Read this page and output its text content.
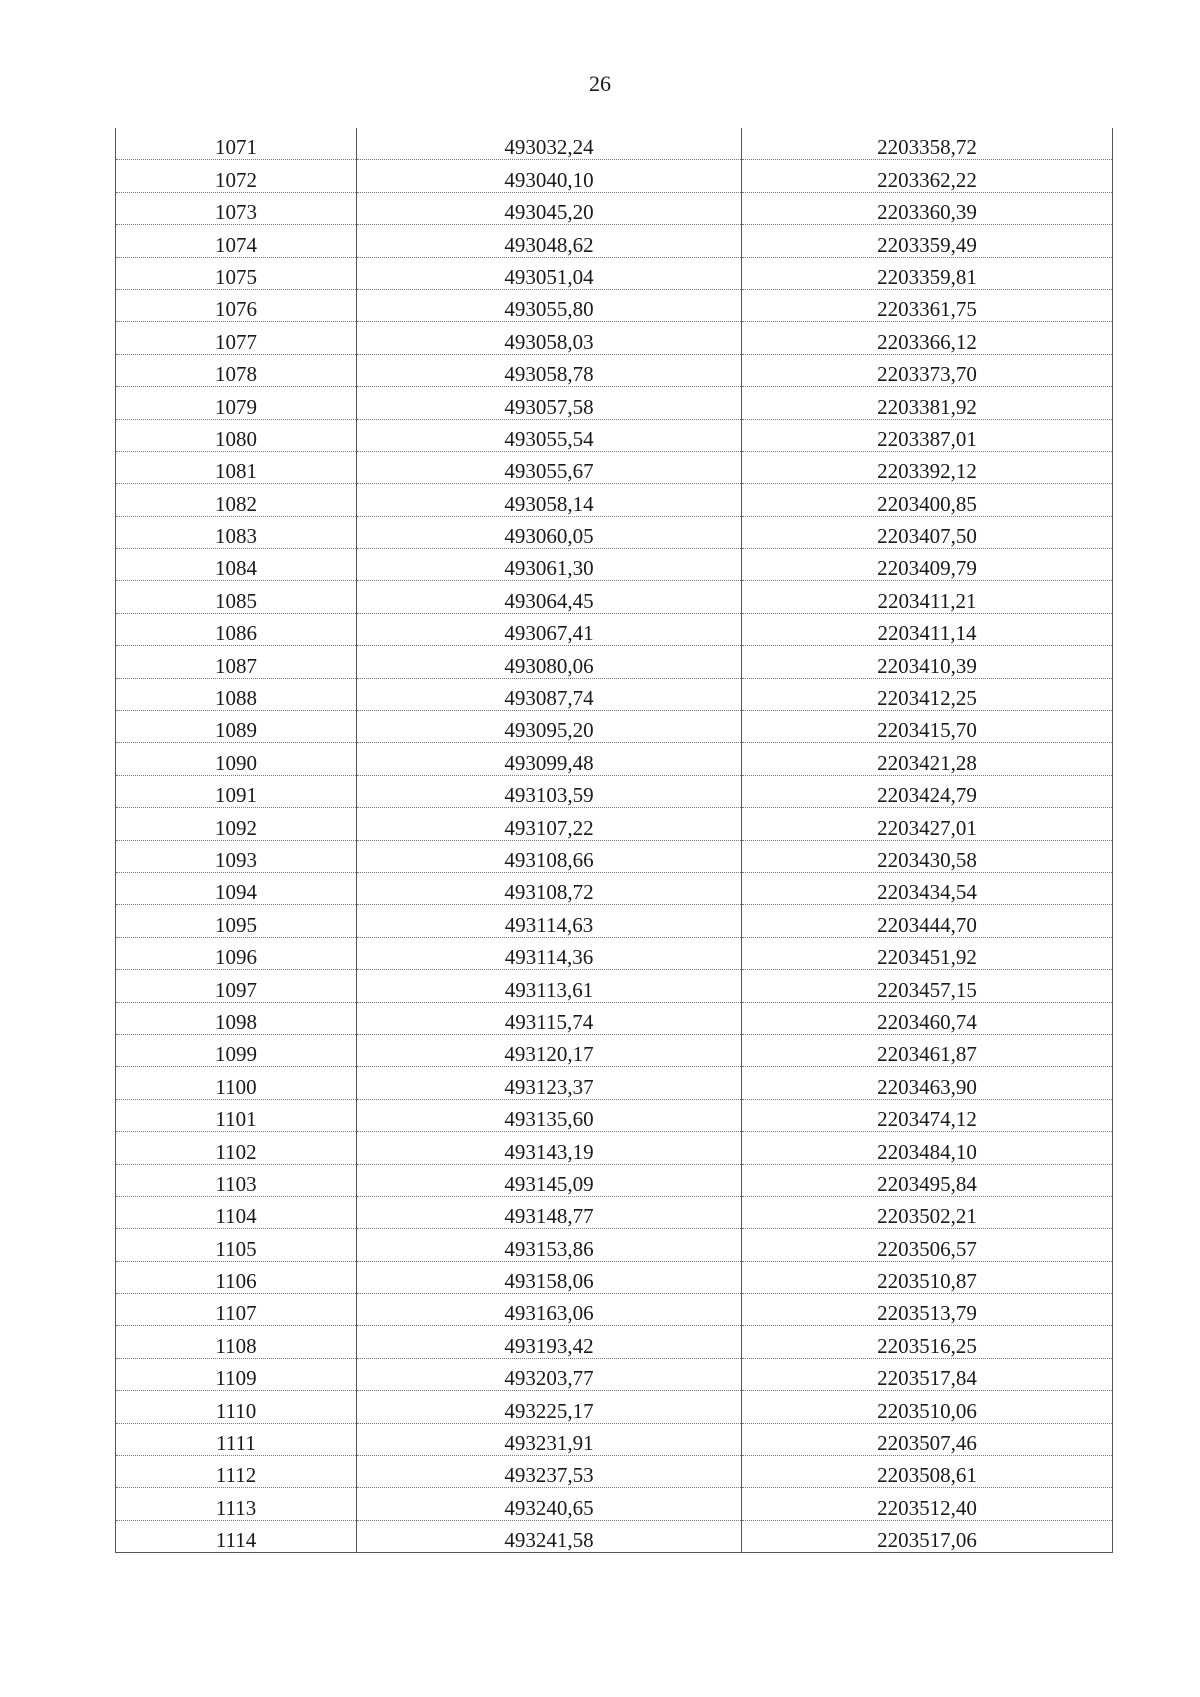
26
1071	493032,24	2203358,72
1072	493040,10	2203362,22
1073	493045,20	2203360,39
1074	493048,62	2203359,49
1075	493051,04	2203359,81
1076	493055,80	2203361,75
1077	493058,03	2203366,12
1078	493058,78	2203373,70
1079	493057,58	2203381,92
1080	493055,54	2203387,01
1081	493055,67	2203392,12
1082	493058,14	2203400,85
1083	493060,05	2203407,50
1084	493061,30	2203409,79
1085	493064,45	2203411,21
1086	493067,41	2203411,14
1087	493080,06	2203410,39
1088	493087,74	2203412,25
1089	493095,20	2203415,70
1090	493099,48	2203421,28
1091	493103,59	2203424,79
1092	493107,22	2203427,01
1093	493108,66	2203430,58
1094	493108,72	2203434,54
1095	493114,63	2203444,70
1096	493114,36	2203451,92
1097	493113,61	2203457,15
1098	493115,74	2203460,74
1099	493120,17	2203461,87
1100	493123,37	2203463,90
1101	493135,60	2203474,12
1102	493143,19	2203484,10
1103	493145,09	2203495,84
1104	493148,77	2203502,21
1105	493153,86	2203506,57
1106	493158,06	2203510,87
1107	493163,06	2203513,79
1108	493193,42	2203516,25
1109	493203,77	2203517,84
1110	493225,17	2203510,06
1111	493231,91	2203507,46
1112	493237,53	2203508,61
1113	493240,65	2203512,40
1114	493241,58	2203517,06
